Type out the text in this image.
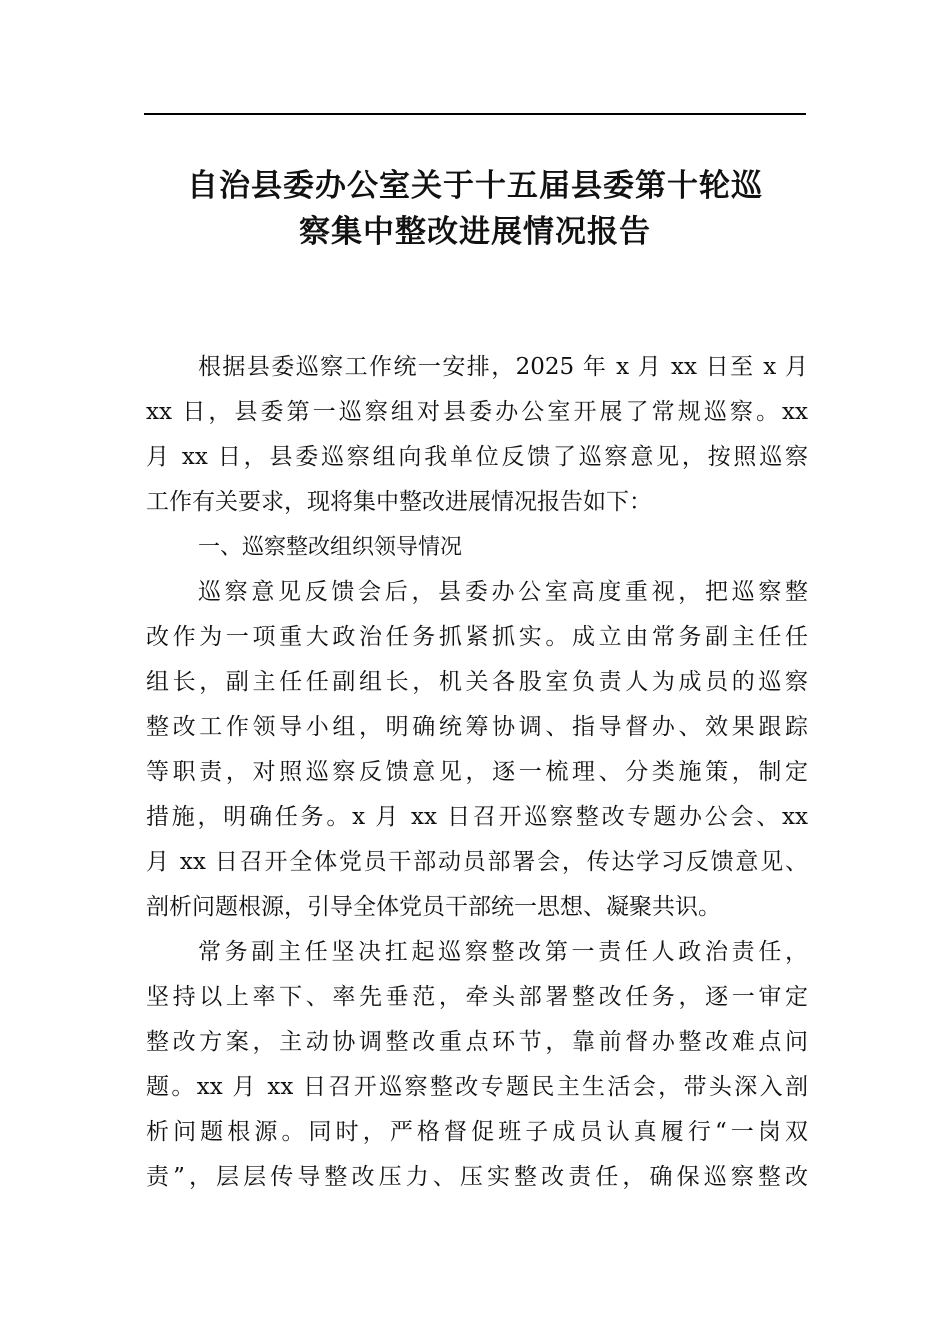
自治县委办公室关于十五届县委第十轮巡
察集中整改进展情况报告
根据县委巡察工作统一安排，2025 年 x 月 xx 日至 x 月
xx 日，县委第一巡察组对县委办公室开展了常规巡察。xx
月 xx 日，县委巡察组向我单位反馈了巡察意见，按照巡察
工作有关要求，现将集中整改进展情况报告如下：
一、巡察整改组织领导情况
巡察意见反馈会后，县委办公室高度重视，把巡察整
改作为一项重大政治任务抓紧抓实。成立由常务副主任任
组长，副主任任副组长，机关各股室负责人为成员的巡察
整改工作领导小组，明确统筹协调、指导督办、效果跟踪
等职责，对照巡察反馈意见，逐一梳理、分类施策，制定
措施，明确任务。x 月 xx 日召开巡察整改专题办公会、xx
月 xx 日召开全体党员干部动员部署会，传达学习反馈意见、
剖析问题根源，引导全体党员干部统一思想、凝聚共识。
常务副主任坚决扛起巡察整改第一责任人政治责任，
坚持以上率下、率先垂范，牵头部署整改任务，逐一审定
整改方案，主动协调整改重点环节，靠前督办整改难点问
题。xx 月 xx 日召开巡察整改专题民主生活会，带头深入剖
析问题根源。同时，严格督促班子成员认真履行“一岗双
责”，层层传导整改压力、压实整改责任，确保巡察整改
